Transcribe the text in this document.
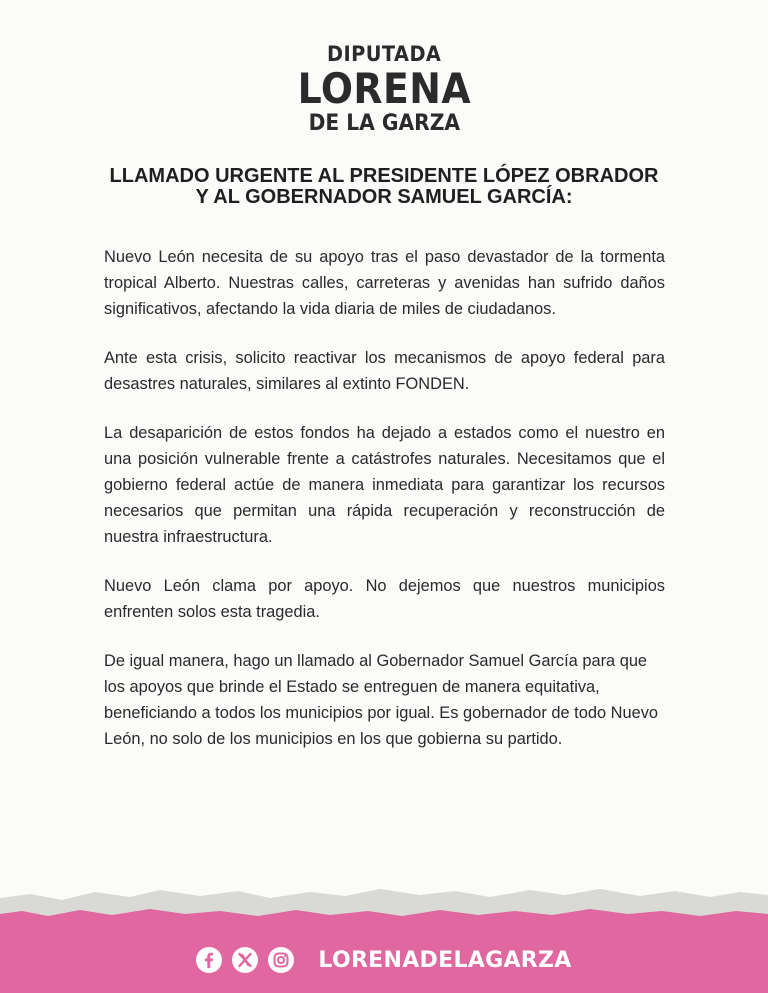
DIPUTADA
LORENA
DE LA GARZA
LLAMADO URGENTE AL PRESIDENTE LÓPEZ OBRADOR
Y AL GOBERNADOR SAMUEL GARCÍA:

Nuevo León necesita de su apoyo tras el paso devastador de la tormenta tropical Alberto. Nuestras calles, carreteras y avenidas han sufrido daños significativos, afectando la vida diaria de miles de ciudadanos.

Ante esta crisis, solicito reactivar los mecanismos de apoyo federal para desastres naturales, similares al extinto FONDEN.

La desaparición de estos fondos ha dejado a estados como el nuestro en una posición vulnerable frente a catástrofes naturales. Necesitamos que el gobierno federal actúe de manera inmediata para garantizar los recursos necesarios que permitan una rápida recuperación y reconstrucción de nuestra infraestructura.

Nuevo León clama por apoyo. No dejemos que nuestros municipios enfrenten solos esta tragedia.

De igual manera, hago un llamado al Gobernador Samuel García para que los apoyos que brinde el Estado se entreguen de manera equitativa, beneficiando a todos los municipios por igual. Es gobernador de todo Nuevo León, no solo de los municipios en los que gobierna su partido.

LORENADELAGARZA
